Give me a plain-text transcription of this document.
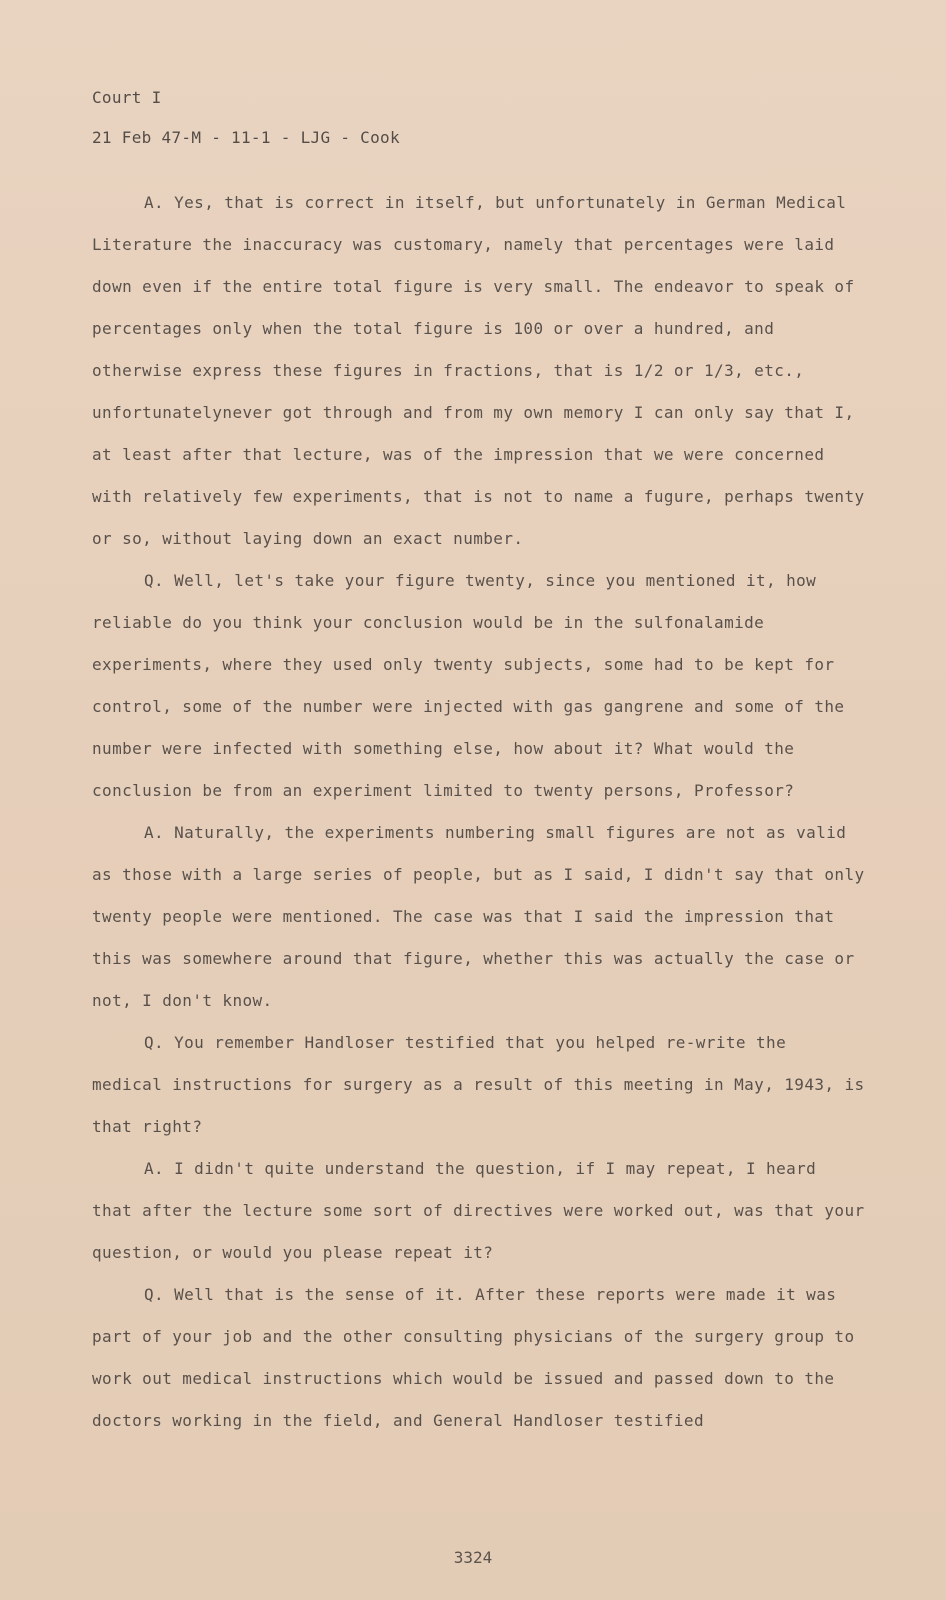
Court I
21 Feb 47-M - 11-1 - LJG - Cook

A. Yes, that is correct in itself, but unfortunately in German Medical Literature the inaccuracy was customary, namely that percentages were laid down even if the entire total figure is very small. The endeavor to speak of percentages only when the total figure is 100 or over a hundred, and otherwise express these figures in fractions, that is 1/2 or 1/3, etc., unfortunatelynever got through and from my own memory I can only say that I, at least after that lecture, was of the impression that we were concerned with relatively few experiments, that is not to name a fugure, perhaps twenty or so, without laying down an exact number.

Q. Well, let's take your figure twenty, since you mentioned it, how reliable do you think your conclusion would be in the sulfonalamide experiments, where they used only twenty subjects, some had to be kept for control, some of the number were injected with gas gangrene and some of the number were infected with something else, how about it? What would the conclusion be from an experiment limited to twenty persons, Professor?

A. Naturally, the experiments numbering small figures are not as valid as those with a large series of people, but as I said, I didn't say that only twenty people were mentioned. The case was that I said the impression that this was somewhere around that figure, whether this was actually the case or not, I don't know.

Q. You remember Handloser testified that you helped re-write the medical instructions for surgery as a result of this meeting in May, 1943, is that right?

A. I didn't quite understand the question, if I may repeat, I heard that after the lecture some sort of directives were worked out, was that your question, or would you please repeat it?

Q. Well that is the sense of it. After these reports were made it was part of your job and the other consulting physicians of the surgery group to work out medical instructions which would be issued and passed down to the doctors working in the field, and General Handloser testified

3324
